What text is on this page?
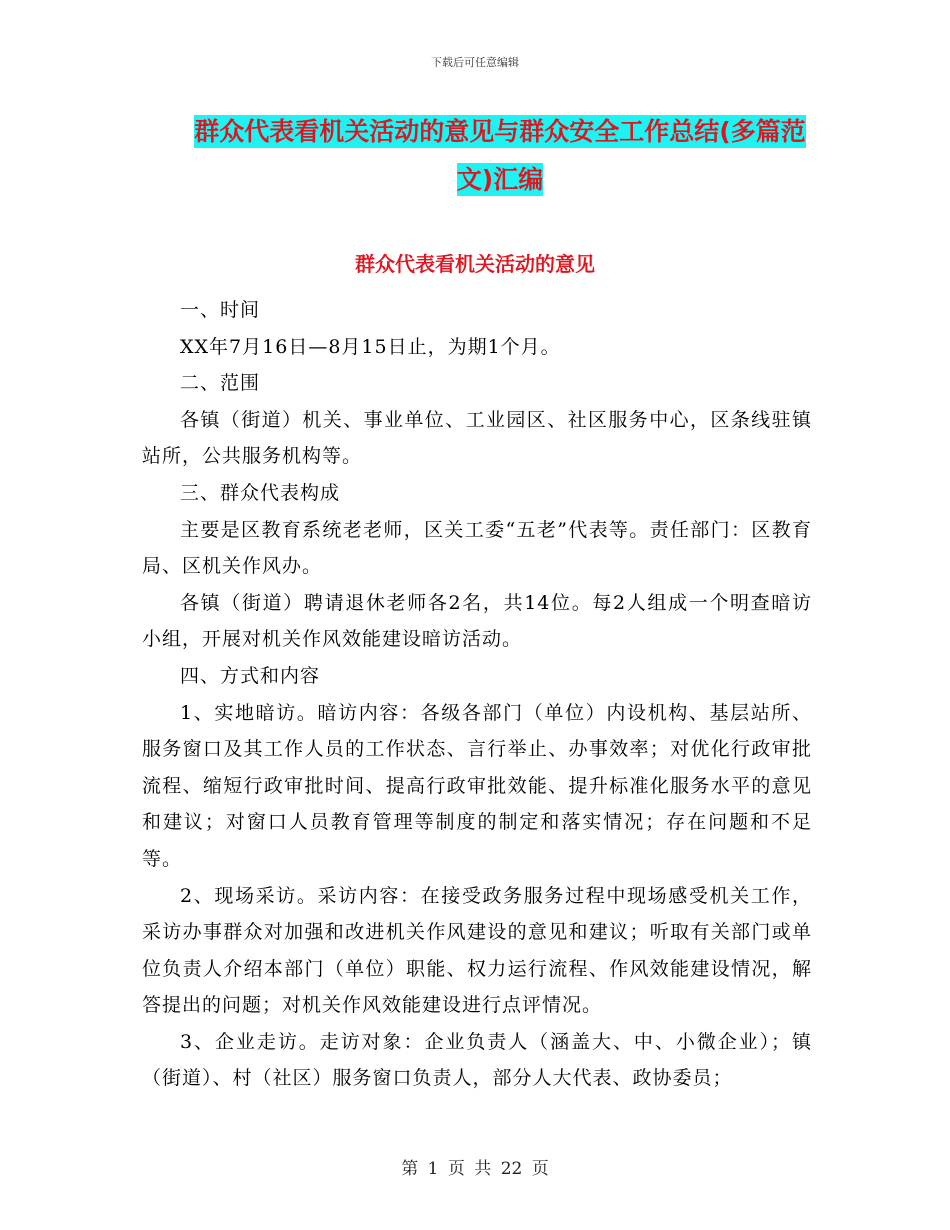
下载后可任意编辑
群众代表看机关活动的意见与群众安全工作总结(多篇范文)汇编
群众代表看机关活动的意见

一、时间

XX年7月16日—8月15日止，为期1个月。

二、范围

各镇（街道）机关、事业单位、工业园区、社区服务中心，区条线驻镇站所，公共服务机构等。

三、群众代表构成

主要是区教育系统老老师，区关工委“五老”代表等。责任部门：区教育局、区机关作风办。

各镇（街道）聘请退休老师各2名，共14位。每2人组成一个明查暗访小组，开展对机关作风效能建设暗访活动。

四、方式和内容

1、实地暗访。暗访内容：各级各部门（单位）内设机构、基层站所、服务窗口及其工作人员的工作状态、言行举止、办事效率；对优化行政审批流程、缩短行政审批时间、提高行政审批效能、提升标准化服务水平的意见和建议；对窗口人员教育管理等制度的制定和落实情况；存在问题和不足等。

2、现场采访。采访内容：在接受政务服务过程中现场感受机关工作，采访办事群众对加强和改进机关作风建设的意见和建议；听取有关部门或单位负责人介绍本部门（单位）职能、权力运行流程、作风效能建设情况，解答提出的问题；对机关作风效能建设进行点评情况。

3、企业走访。走访对象：企业负责人（涵盖大、中、小微企业）；镇（街道）、村（社区）服务窗口负责人，部分人大代表、政协委员；

第 1 页 共 22 页
